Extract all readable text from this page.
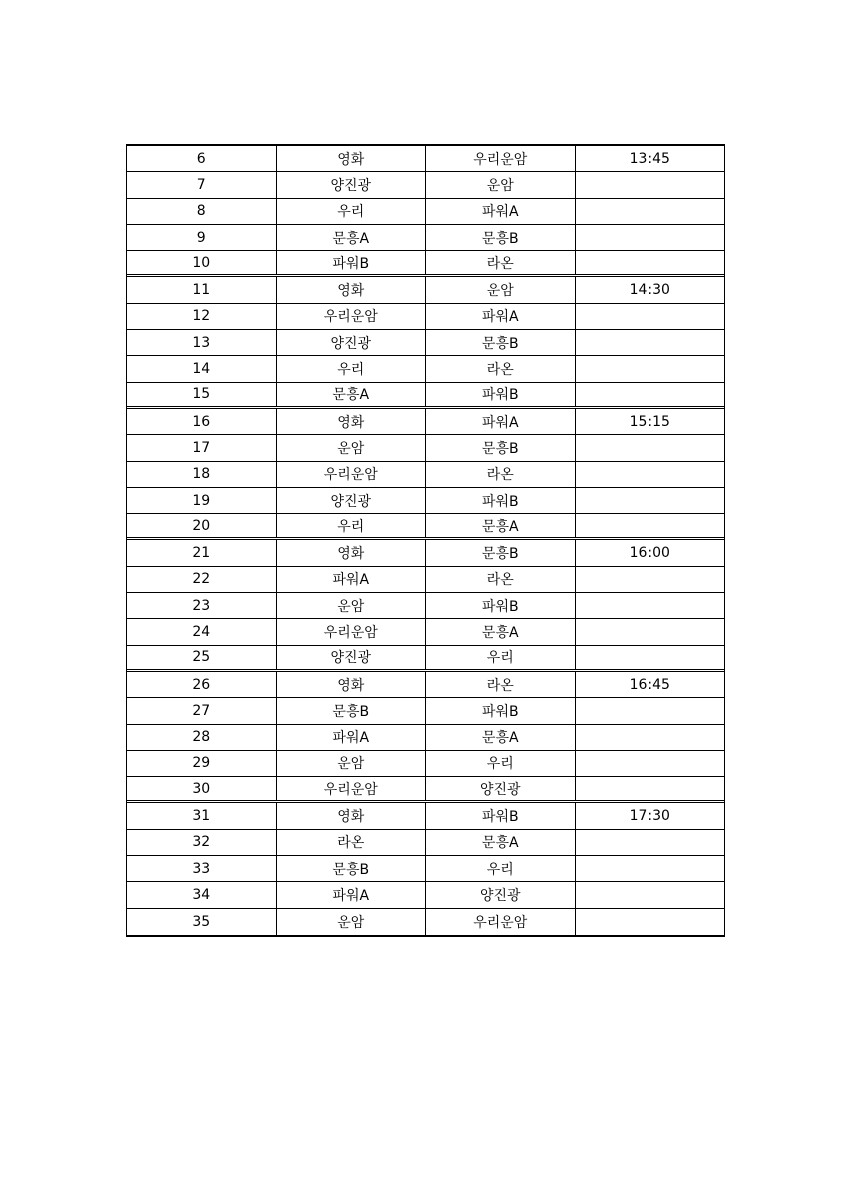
6	영화	우리운암	13:45
7	양진광	운암
8	우리	파워A
9	문흥A	문흥B
10	파워B	라온
11	영화	운암	14:30
12	우리운암	파워A
13	양진광	문흥B
14	우리	라온
15	문흥A	파워B
16	영화	파워A	15:15
17	운암	문흥B
18	우리운암	라온
19	양진광	파워B
20	우리	문흥A
21	영화	문흥B	16:00
22	파워A	라온
23	운암	파워B
24	우리운암	문흥A
25	양진광	우리
26	영화	라온	16:45
27	문흥B	파워B
28	파워A	문흥A
29	운암	우리
30	우리운암	양진광
31	영화	파워B	17:30
32	라온	문흥A
33	문흥B	우리
34	파워A	양진광
35	운암	우리운암
